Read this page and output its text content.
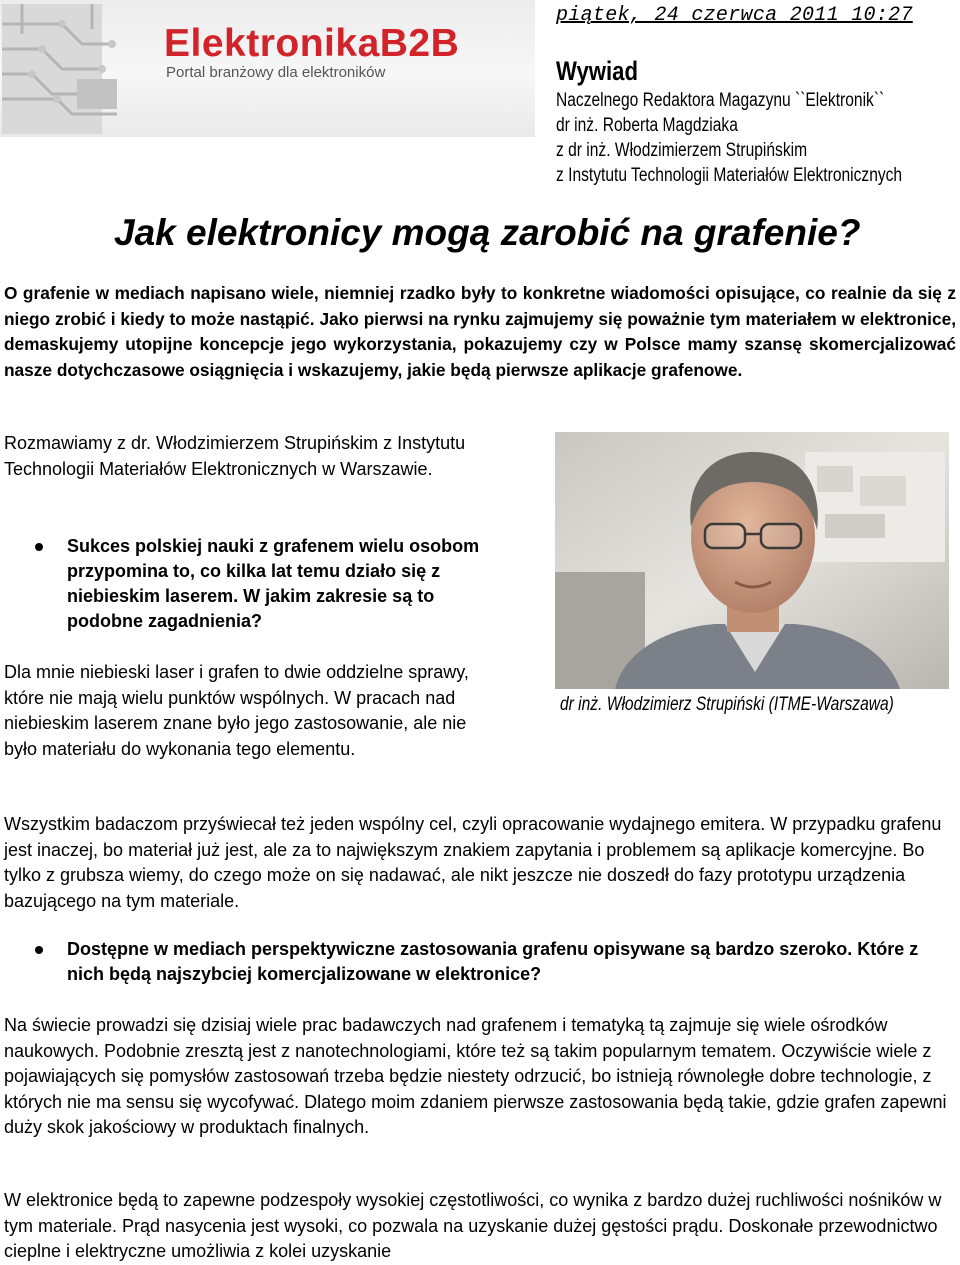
ElektronikaB2B
Portal branżowy dla elektroników
piątek, 24 czerwca 2011 10:27
Wywiad
Naczelnego Redaktora Magazynu ``Elektronik``
dr inż. Roberta Magdziaka
z dr inż. Włodzimierzem Strupińskim
z Instytutu Technologii Materiałów Elektronicznych
Jak elektronicy mogą zarobić na grafenie?
O grafenie w mediach napisano wiele, niemniej rzadko były to konkretne wiadomości opisujące, co realnie da się z niego zrobić i kiedy to może nastąpić. Jako pierwsi na rynku zajmujemy się poważnie tym materiałem w elektronice, demaskujemy utopijne koncepcje jego wykorzystania, pokazujemy czy w Polsce mamy szansę skomercjalizować nasze dotychczasowe osiągnięcia i wskazujemy, jakie będą pierwsze aplikacje grafenowe.
Rozmawiamy z dr. Włodzimierzem Strupińskim z Instytutu Technologii Materiałów Elektronicznych w Warszawie.
Sukces polskiej nauki z grafenem wielu osobom przypomina to, co kilka lat temu działo się z niebieskim laserem. W jakim zakresie są to podobne zagadnienia?
Dla mnie niebieski laser i grafen to dwie oddzielne sprawy, które nie mają wielu punktów wspólnych. W pracach nad niebieskim laserem znane było jego zastosowanie, ale nie było materiału do wykonania tego elementu.
dr inż. Włodzimierz Strupiński (ITME-Warszawa)
Wszystkim badaczom przyświecał też jeden wspólny cel, czyli opracowanie wydajnego emitera. W przypadku grafenu jest inaczej, bo materiał już jest, ale za to największym znakiem zapytania i problemem są aplikacje komercyjne. Bo tylko z grubsza wiemy, do czego może on się nadawać, ale nikt jeszcze nie doszedł do fazy prototypu urządzenia bazującego na tym materiale.
Dostępne w mediach perspektywiczne zastosowania grafenu opisywane są bardzo szeroko. Które z nich będą najszybciej komercjalizowane w elektronice?
Na świecie prowadzi się dzisiaj wiele prac badawczych nad grafenem i tematyką tą zajmuje się wiele ośrodków naukowych. Podobnie zresztą jest z nanotechnologiami, które też są takim popularnym tematem. Oczywiście wiele z pojawiających się pomysłów zastosowań trzeba będzie niestety odrzucić, bo istnieją równoległe dobre technologie, z których nie ma sensu się wycofywać. Dlatego moim zdaniem pierwsze zastosowania będą takie, gdzie grafen zapewni duży skok jakościowy w produktach finalnych.
W elektronice będą to zapewne podzespoły wysokiej częstotliwości, co wynika z bardzo dużej ruchliwości nośników w tym materiale. Prąd nasycenia jest wysoki, co pozwala na uzyskanie dużej gęstości prądu. Doskonałe przewodnictwo cieplne i elektryczne umożliwia z kolei uzyskanie
